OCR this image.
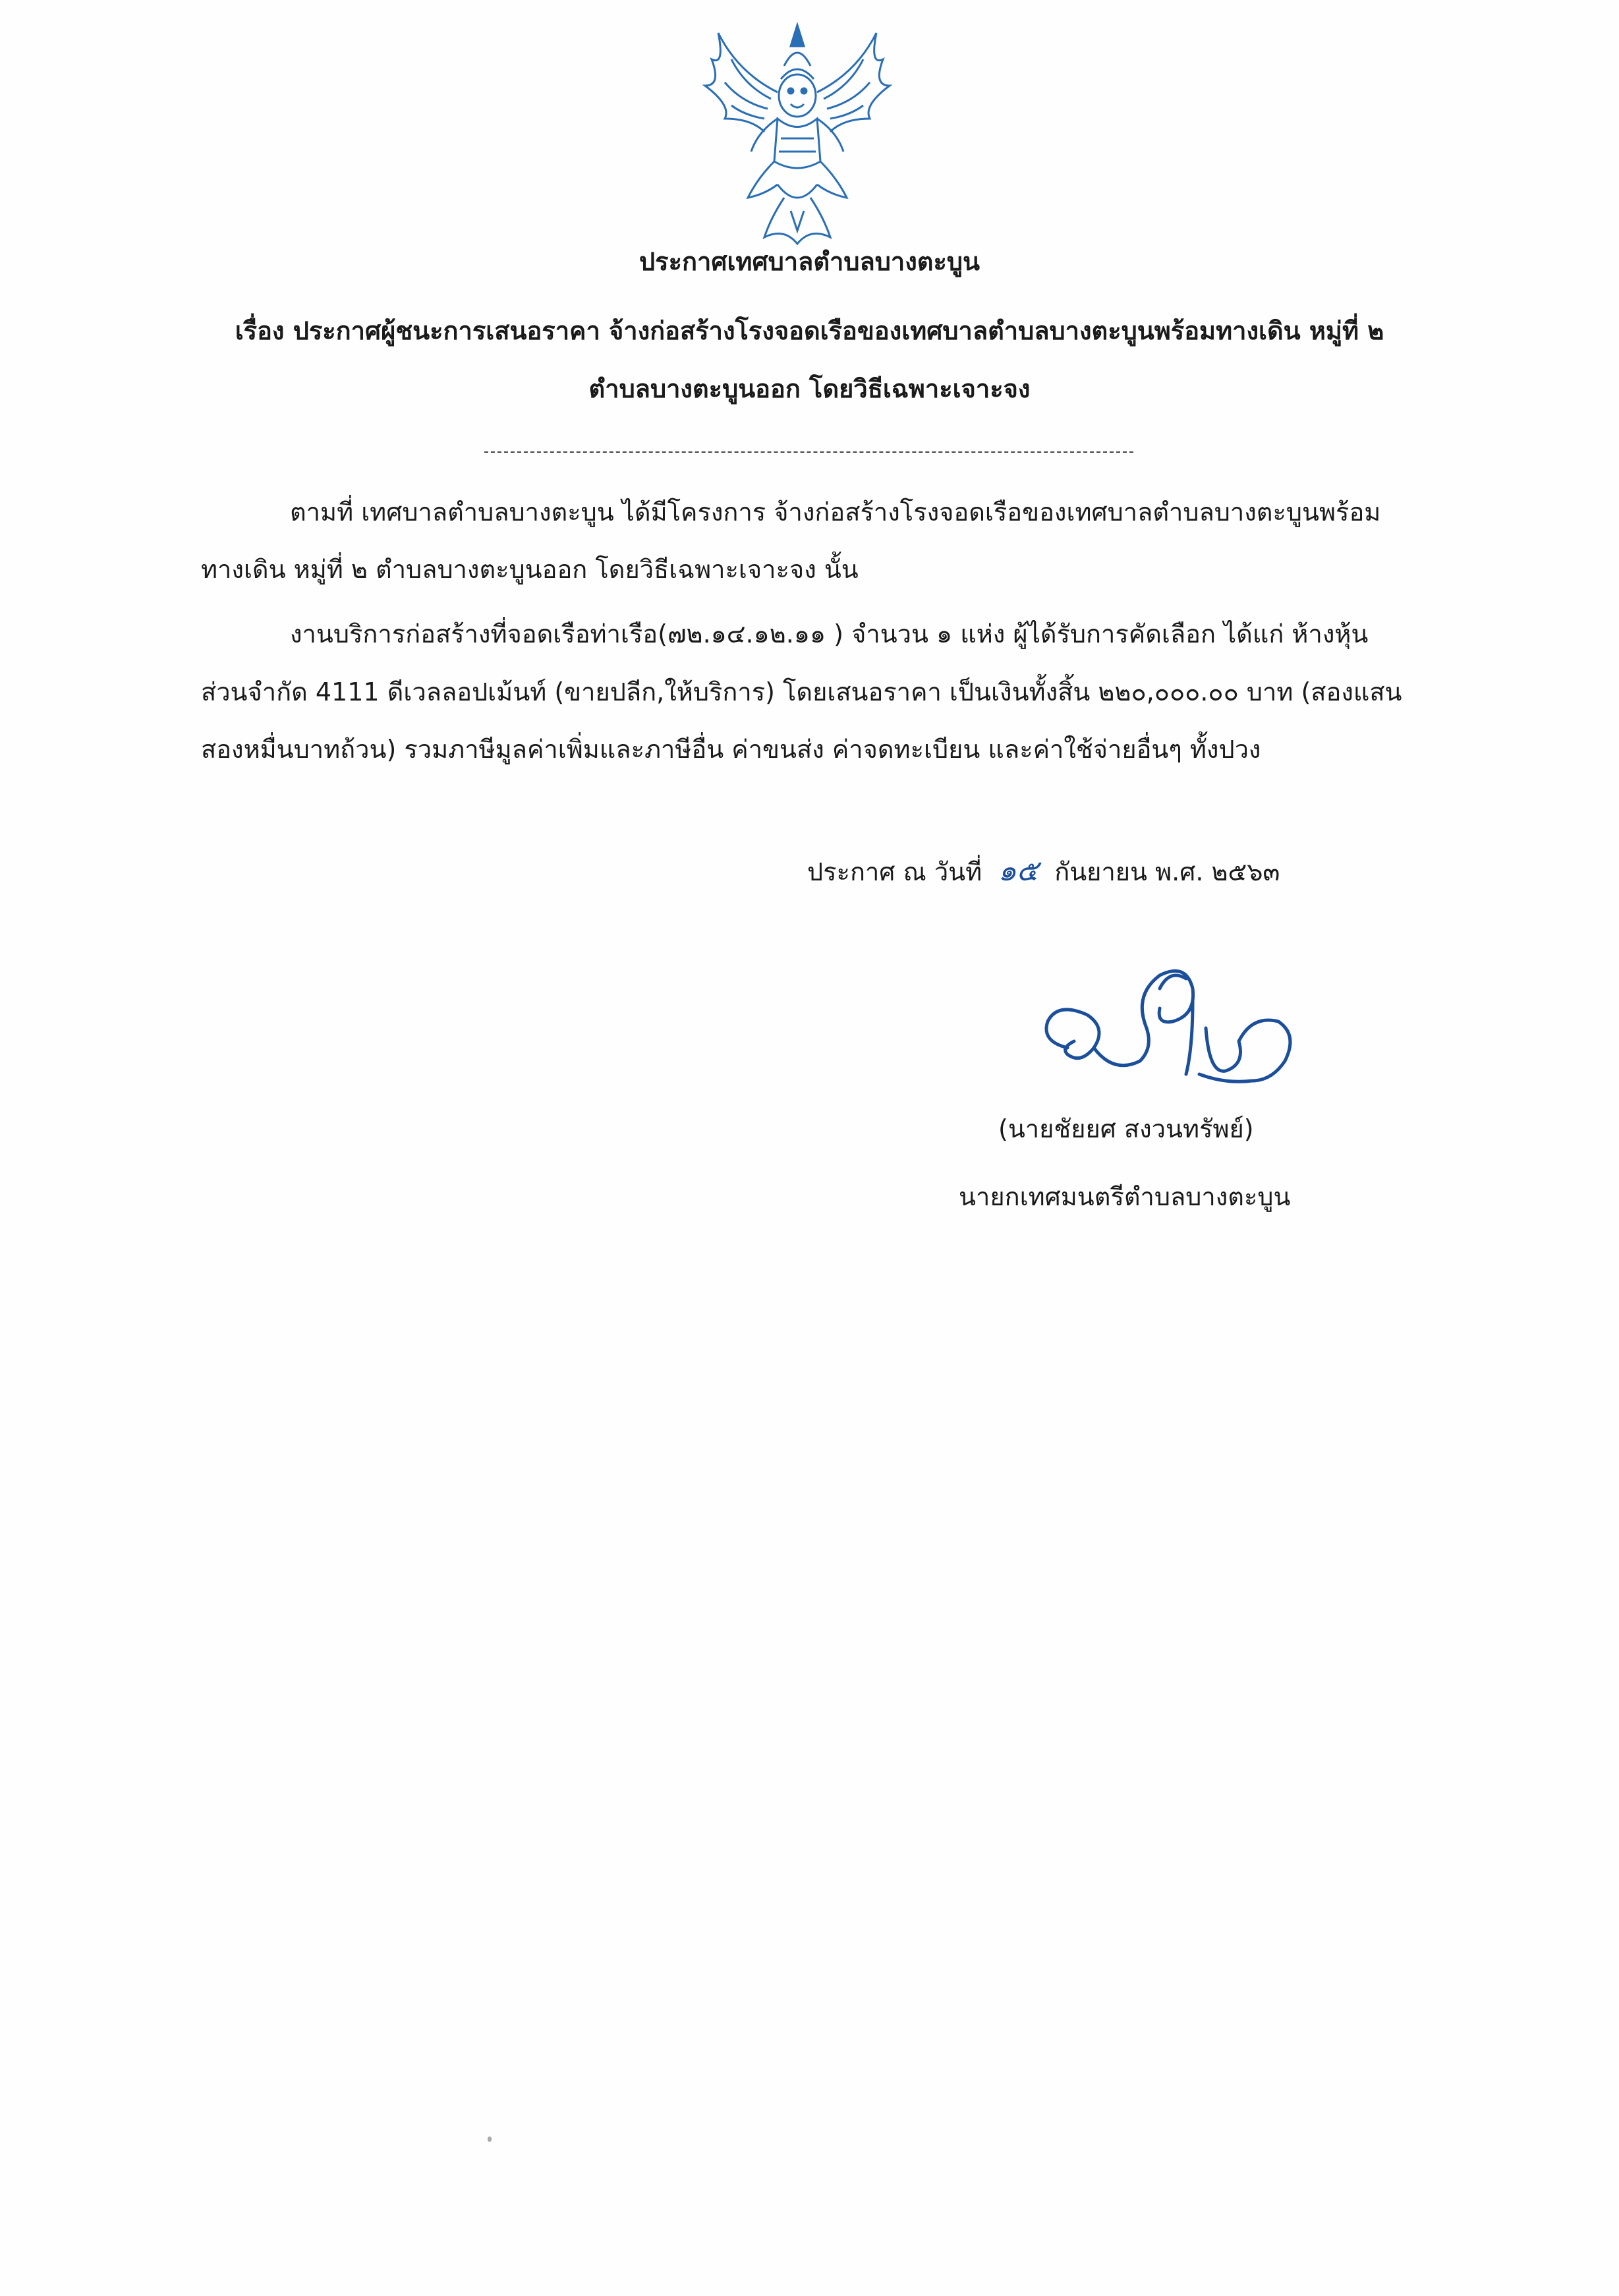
ประกาศเทศบาลตำบลบางตะบูน
เรื่อง ประกาศผู้ชนะการเสนอราคา จ้างก่อสร้างโรงจอดเรือของเทศบาลตำบลบางตะบูนพร้อมทางเดิน หมู่ที่ ๒
ตำบลบางตะบูนออก โดยวิธีเฉพาะเจาะจง
ตามที่ เทศบาลตำบลบางตะบูน ได้มีโครงการ จ้างก่อสร้างโรงจอดเรือของเทศบาลตำบลบางตะบูนพร้อม
ทางเดิน หมู่ที่ ๒ ตำบลบางตะบูนออก โดยวิธีเฉพาะเจาะจง นั้น
งานบริการก่อสร้างที่จอดเรือท่าเรือ(๗๒.๑๔.๑๒.๑๑ ) จำนวน ๑ แห่ง ผู้ได้รับการคัดเลือก ได้แก่ ห้างหุ้น
ส่วนจำกัด 4111 ดีเวลลอปเม้นท์ (ขายปลีก,ให้บริการ) โดยเสนอราคา เป็นเงินทั้งสิ้น ๒๒๐,๐๐๐.๐๐ บาท (สองแสน
สองหมื่นบาทถ้วน) รวมภาษีมูลค่าเพิ่มและภาษีอื่น ค่าขนส่ง ค่าจดทะเบียน และค่าใช้จ่ายอื่นๆ ทั้งปวง
ประกาศ ณ วันที่ ๑๕ กันยายน พ.ศ. ๒๕๖๓
(นายชัยยศ สงวนทรัพย์)
นายกเทศมนตรีตำบลบางตะบูน
